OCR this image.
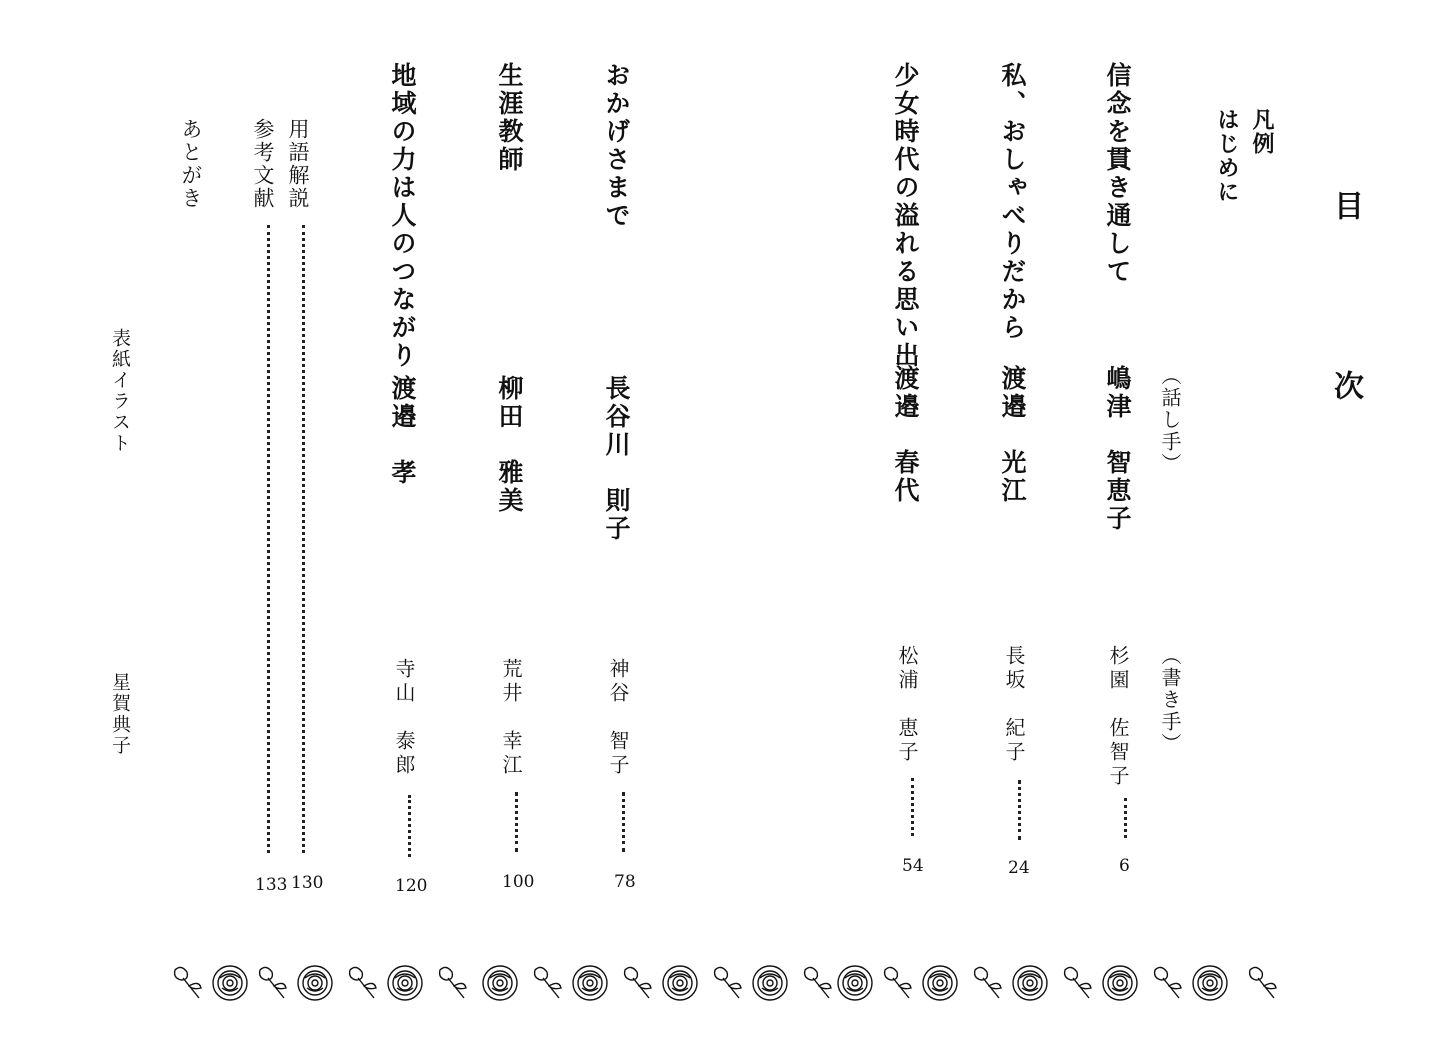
目　次
凡例
はじめに
（話し手）
（書き手）
信念を貫き通して
嶋津　智恵子
杉園　佐智子
6
私、おしゃべりだから
渡邉　光江
長坂　紀子
24
少女時代の溢れる思い出
渡邉　春代
松浦　恵子
54
おかげさまで
長谷川　則子
神谷　智子
78
生涯教師
柳田　雅美
荒井　幸江
100
地域の力は人のつながり
渡邉　孝
寺山　泰郎
120
用語解説
130
参考文献
133
あとがき
表紙イラスト
星賀典子
